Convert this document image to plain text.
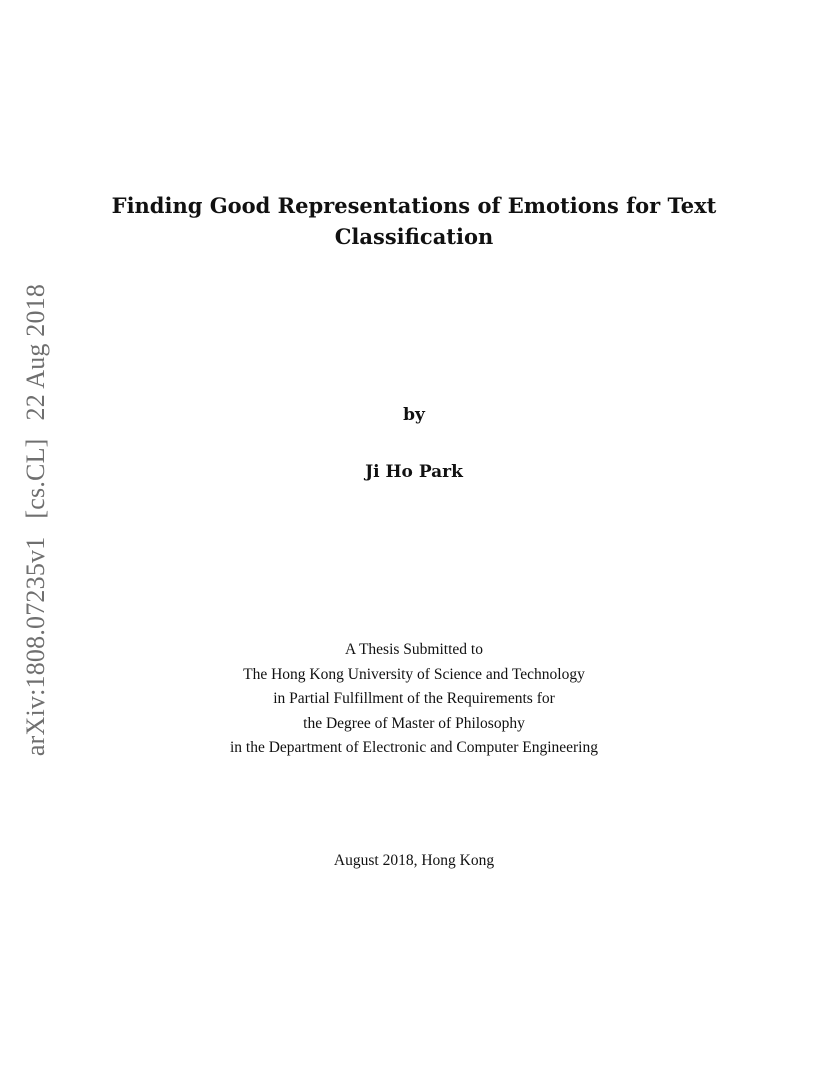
arXiv:1808.07235v1[cs.CL]22 Aug 2018
Finding Good Representations of Emotions for Text Classification
by
Ji Ho Park
A Thesis Submitted to
The Hong Kong University of Science and Technology
in Partial Fulfillment of the Requirements for
the Degree of Master of Philosophy
in the Department of Electronic and Computer Engineering
August 2018, Hong Kong
